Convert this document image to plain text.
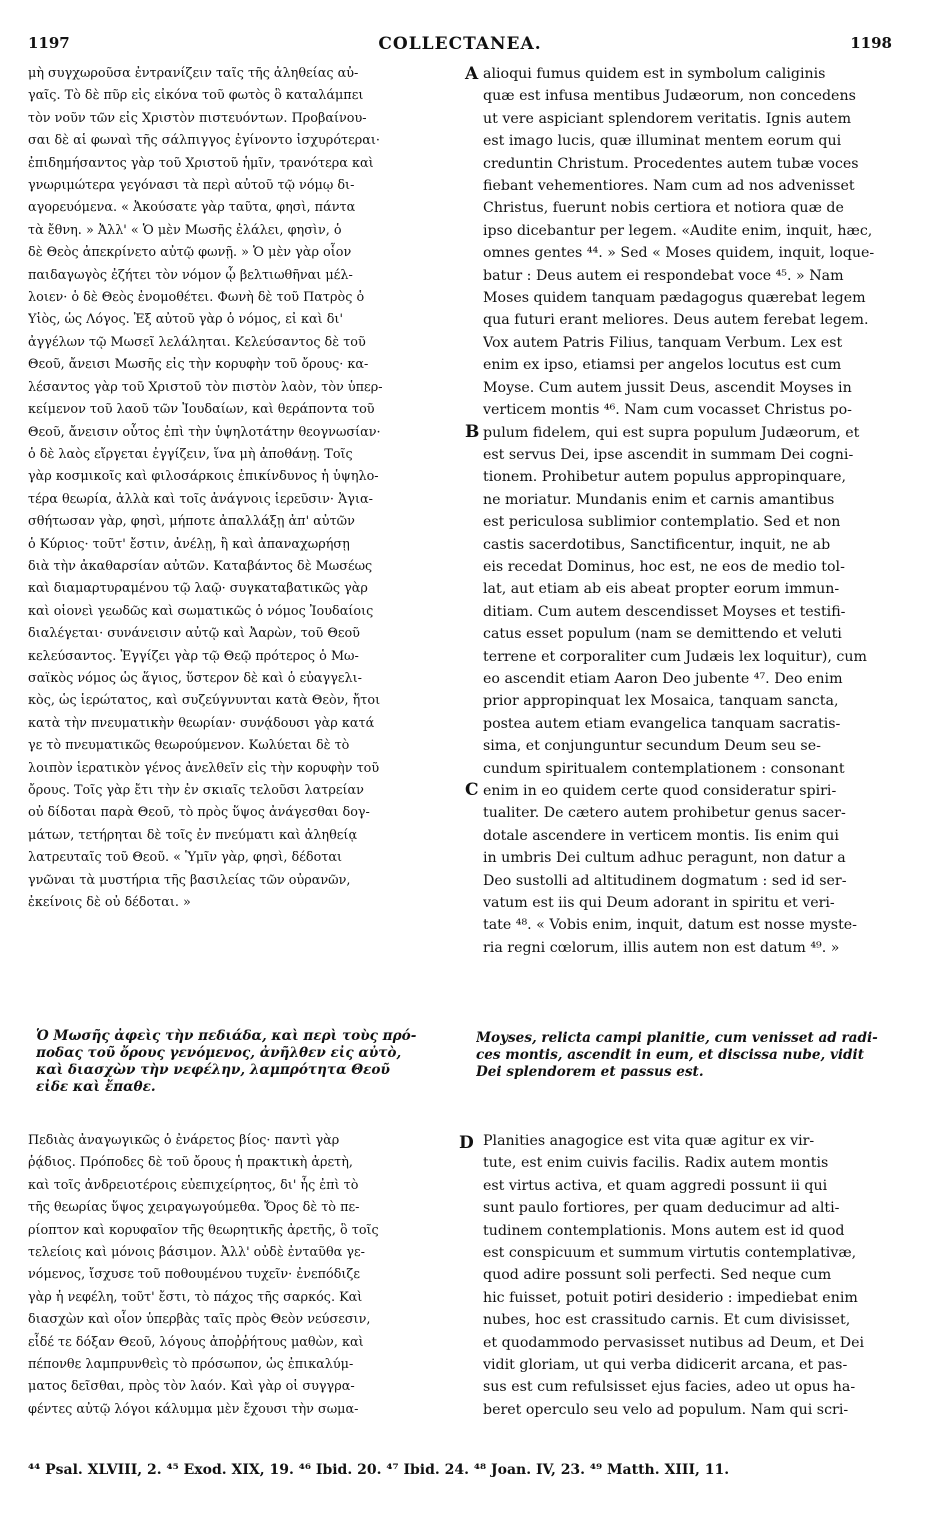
1197	COLLECTANEA.	1198
μὴ συγχωροῦσα ἐντρανίζειν ταῖς τῆς ἀληθείας αὐ-
γαῖς. Τὸ δὲ πῦρ εἰς εἰκόνα τοῦ φωτὸς ὃ καταλάμπει
τὸν νοῦν τῶν εἰς Χριστὸν πιστευόντων. Προβαίνου-
σαι δὲ αἱ φωναὶ τῆς σάλπιγγος ἐγίνοντο ἰσχυρότεραι·
ἐπιδημήσαντος γὰρ τοῦ Χριστοῦ ἡμῖν, τρανότερα καὶ
γνωριμώτερα γεγόνασι τὰ περὶ αὐτοῦ τῷ νόμῳ δι-
αγορευόμενα. « Ἀκούσατε γὰρ ταῦτα, φησὶ, πάντα
τὰ ἔθνη. » Ἀλλ' « Ὁ μὲν Μωσῆς ἐλάλει, φησὶν, ὁ
δὲ Θεὸς ἀπεκρίνετο αὐτῷ φωνῇ. » Ὁ μὲν γὰρ οἷον
παιδαγωγὸς ἐζήτει τὸν νόμον ᾧ βελτιωθῆναι μέλ-
λοιεν· ὁ δὲ Θεὸς ἐνομοθέτει. Φωνὴ δὲ τοῦ Πατρὸς ὁ
Υἱὸς, ὡς Λόγος. Ἐξ αὐτοῦ γὰρ ὁ νόμος, εἰ καὶ δι'
ἀγγέλων τῷ Μωσεῖ λελάληται. Κελεύσαντος δὲ τοῦ
Θεοῦ, ἄνεισι Μωσῆς εἰς τὴν κορυφὴν τοῦ ὄρους· κα-
λέσαντος γὰρ τοῦ Χριστοῦ τὸν πιστὸν λαὸν, τὸν ὑπερ-
κείμενον τοῦ λαοῦ τῶν Ἰουδαίων, καὶ θεράποντα τοῦ
Θεοῦ, ἄνεισιν οὗτος ἐπὶ τὴν ὑψηλοτάτην θεογνωσίαν·
ὁ δὲ λαὸς εἴργεται ἐγγίζειν, ἵνα μὴ ἀποθάνῃ. Τοῖς
γὰρ κοσμικοῖς καὶ φιλοσάρκοις ἐπικίνδυνος ἡ ὑψηλο-
τέρα θεωρία, ἀλλὰ καὶ τοῖς ἀνάγνοις ἱερεῦσιν· Ἁγια-
σθήτωσαν γὰρ, φησὶ, μήποτε ἀπαλλάξῃ ἀπ' αὐτῶν
ὁ Κύριος· τοῦτ' ἔστιν, ἀνέλῃ, ἢ καὶ ἀπαναχωρήσῃ
διὰ τὴν ἀκαθαρσίαν αὐτῶν. Καταβάντος δὲ Μωσέως
καὶ διαμαρτυραμένου τῷ λαῷ· συγκαταβατικῶς γὰρ
καὶ οἱονεὶ γεωδῶς καὶ σωματικῶς ὁ νόμος Ἰουδαίοις
διαλέγεται· συνάνεισιν αὐτῷ καὶ Ἀαρὼν, τοῦ Θεοῦ
κελεύσαντος. Ἐγγίζει γὰρ τῷ Θεῷ πρότερος ὁ Μω-
σαϊκὸς νόμος ὡς ἅγιος, ὕστερον δὲ καὶ ὁ εὐαγγελι-
κὸς, ὡς ἱερώτατος, καὶ συζεύγνυνται κατὰ Θεὸν, ἤτοι
κατὰ τὴν πνευματικὴν θεωρίαν· συνᾴδουσι γὰρ κατά
γε τὸ πνευματικῶς θεωρούμενον. Κωλύεται δὲ τὸ
λοιπὸν ἱερατικὸν γένος ἀνελθεῖν εἰς τὴν κορυφὴν τοῦ
ὄρους. Τοῖς γὰρ ἔτι τὴν ἐν σκιαῖς τελοῦσι λατρείαν
οὐ δίδοται παρὰ Θεοῦ, τὸ πρὸς ὕψος ἀνάγεσθαι δογ-
μάτων, τετήρηται δὲ τοῖς ἐν πνεύματι καὶ ἀληθείᾳ
λατρευταῖς τοῦ Θεοῦ. « Ὑμῖν γὰρ, φησὶ, δέδοται
γνῶναι τὰ μυστήρια τῆς βασιλείας τῶν οὐρανῶν,
ἐκείνοις δὲ οὐ δέδοται. »
alioqui fumus quidem est in symbolum caliginis
quæ est infusa mentibus Judæorum, non concedens
ut vere aspiciant splendorem veritatis. Ignis autem
est imago lucis, quæ illuminat mentem eorum qui
creduntin Christum. Procedentes autem tubæ voces
fiebant vehementiores. Nam cum ad nos advenisset
Christus, fuerunt nobis certiora et notiora quæ de
ipso dicebantur per legem. «Audite enim, inquit, hæc,
omnes gentes ⁴⁴. » Sed « Moses quidem, inquit, loque-
batur : Deus autem ei respondebat voce ⁴⁵. » Nam
Moses quidem tanquam pædagogus quærebat legem
qua futuri erant meliores. Deus autem ferebat legem.
Vox autem Patris Filius, tanquam Verbum. Lex est
enim ex ipso, etiamsi per angelos locutus est cum
Moyse. Cum autem jussit Deus, ascendit Moyses in
verticem montis ⁴⁶. Nam cum vocasset Christus po-
pulum fidelem, qui est supra populum Judæorum, et
est servus Dei, ipse ascendit in summam Dei cogni-
tionem. Prohibetur autem populus appropinquare,
ne moriatur. Mundanis enim et carnis amantibus
est periculosa sublimior contemplatio. Sed et non
castis sacerdotibus, Sanctificentur, inquit, ne ab
eis recedat Dominus, hoc est, ne eos de medio tol-
lat, aut etiam ab eis abeat propter eorum immun-
ditiam. Cum autem descendisset Moyses et testifi-
catus esset populum (nam se demittendo et veluti
terrene et corporaliter cum Judæis lex loquitur), cum
eo ascendit etiam Aaron Deo jubente ⁴⁷. Deo enim
prior appropinquat lex Mosaica, tanquam sancta,
postea autem etiam evangelica tanquam sacratis-
sima, et conjunguntur secundum Deum seu se-
cundum spiritualem contemplationem : consonant
enim in eo quidem certe quod consideratur spiri-
tualiter. De cætero autem prohibetur genus sacer-
dotale ascendere in verticem montis. Iis enim qui
in umbris Dei cultum adhuc peragunt, non datur a
Deo sustolli ad altitudinem dogmatum : sed id ser-
vatum est iis qui Deum adorant in spiritu et veri-
tate ⁴⁸. « Vobis enim, inquit, datum est nosse myste-
ria regni cœlorum, illis autem non est datum ⁴⁹. »
Ὁ Μωσῆς ἀφεὶς τὴν πεδιάδα, καὶ περὶ τοὺς πρό-
ποδας τοῦ ὄρους γενόμενος, ἀνῆλθεν εἰς αὐτὸ,
καὶ διασχὼν τὴν νεφέλην, λαμπρότητα Θεοῦ
εἶδε καὶ ἔπαθε.
Moyses, relicta campi planitie, cum venisset ad radi-
ces montis, ascendit in eum, et discissa nube, vidit
Dei splendorem et passus est.
Πεδιὰς ἀναγωγικῶς ὁ ἐνάρετος βίος· παντὶ γὰρ
ῥᾴδιος. Πρόποδες δὲ τοῦ ὄρους ἡ πρακτικὴ ἀρετὴ,
καὶ τοῖς ἀνδρειοτέροις εὐεπιχείρητος, δι' ἧς ἐπὶ τὸ
τῆς θεωρίας ὕψος χειραγωγούμεθα. Ὄρος δὲ τὸ πε-
ρίοπτον καὶ κορυφαῖον τῆς θεωρητικῆς ἀρετῆς, ὃ τοῖς
τελείοις καὶ μόνοις βάσιμον. Ἀλλ' οὐδὲ ἐνταῦθα γε-
νόμενος, ἴσχυσε τοῦ ποθουμένου τυχεῖν· ἐνεπόδιζε
γὰρ ἡ νεφέλη, τοῦτ' ἔστι, τὸ πάχος τῆς σαρκός. Καὶ
διασχὼν καὶ οἷον ὑπερβὰς ταῖς πρὸς Θεὸν νεύσεσιν,
εἶδέ τε δόξαν Θεοῦ, λόγους ἀποῤῥήτους μαθὼν, καὶ
πέπονθε λαμπρυνθεὶς τὸ πρόσωπον, ὡς ἐπικαλύμ-
ματος δεῖσθαι, πρὸς τὸν λαόν. Καὶ γὰρ οἱ συγγρα-
φέντες αὐτῷ λόγοι κάλυμμα μὲν ἔχουσι τὴν σωμα-
Planities anagogice est vita quæ agitur ex vir-
tute, est enim cuivis facilis. Radix autem montis
est virtus activa, et quam aggredi possunt ii qui
sunt paulo fortiores, per quam deducimur ad alti-
tudinem contemplationis. Mons autem est id quod
est conspicuum et summum virtutis contemplativæ,
quod adire possunt soli perfecti. Sed neque cum
hic fuisset, potuit potiri desiderio : impediebat enim
nubes, hoc est crassitudo carnis. Et cum divisisset,
et quodammodo pervasisset nutibus ad Deum, et Dei
vidit gloriam, ut qui verba didicerit arcana, et pas-
sus est cum refulsisset ejus facies, adeo ut opus ha-
beret operculo seu velo ad populum. Nam qui scri-
A
B
C
D
⁴⁴ Psal. XLVIII, 2. ⁴⁵ Exod. XIX, 19. ⁴⁶ Ibid. 20. ⁴⁷ Ibid. 24. ⁴⁸ Joan. IV, 23. ⁴⁹ Matth. XIII, 11.
